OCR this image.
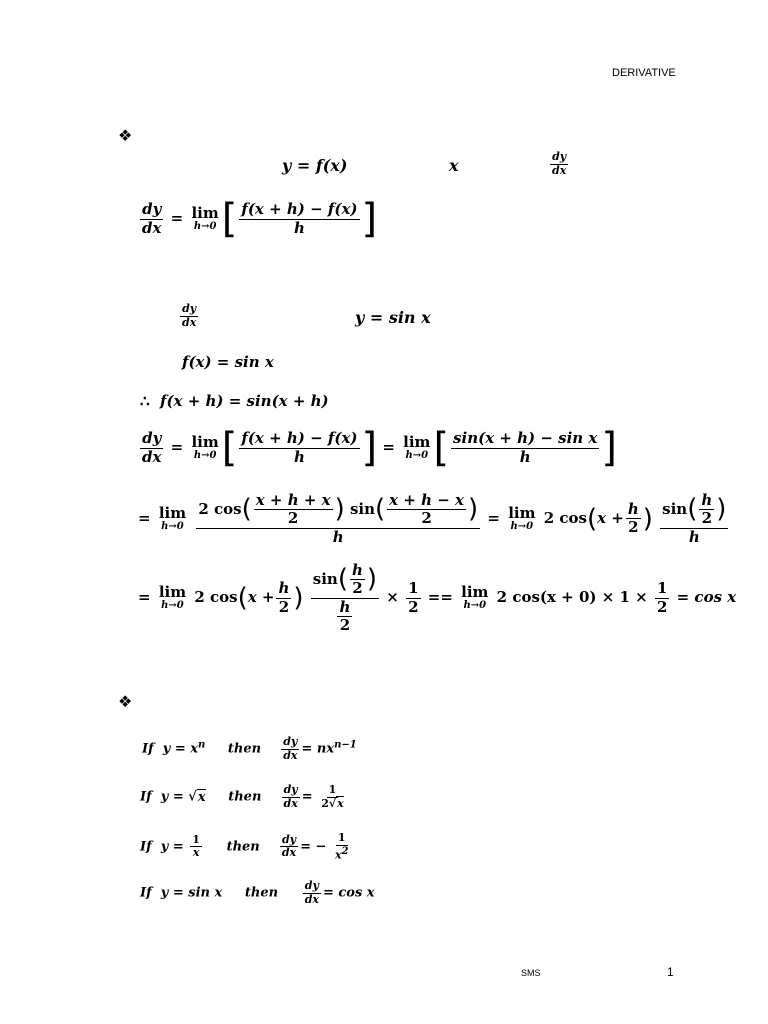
DERIVATIVE
SMS	1
❖
y = f(x)	x	$\frac{dy}{dx}$
$\frac{dy}{dx} = \lim$
h→0 [ $\frac{f(x + h) - f(x)}{h}$ ]
$\frac{dy}{dx}$	y = sin x
f(x) = sin x
∴ f(x + h) = sin(x + h)
$\frac{dy}{dx} = \lim$
h→0 [ $\frac{f(x + h) - f(x)}{h}$ ] = lim
h→0 [ $\frac{\text{sin(x + h) − sin x}}{h}$ ]
= lim
h→0
$\frac{2 \cos( \frac{x + h + x}{2} ) \sin( \frac{x + h - x}{2} )}{h} = \lim$
h→0 2 $\cos(x + \frac{h}{2}$ ) $\frac{\sin( \frac{h}{2} )}{h}$
= lim
h→0 2 $\cos(x + \frac{h}{2}$ ) $\frac{\sin( \frac{h}{2} )}{\frac{h}{2}} \times \frac{1}{2} == \lim$
h→0 2 $\cos(x + 0) \times 1 \times \frac{1}{2} = \cos x$
❖
If $y = x^n$ then $\frac{dy}{dx} = nx^{n-1}$
If y = √x then $\frac{dy}{dx} = \frac{1}{2√x}$
If $y = \frac{1}{x}$ then $\frac{dy}{dx}$ = − $\frac{1}{x^2}$
If y = sin x then $\frac{dy}{dx} = \cos x$
